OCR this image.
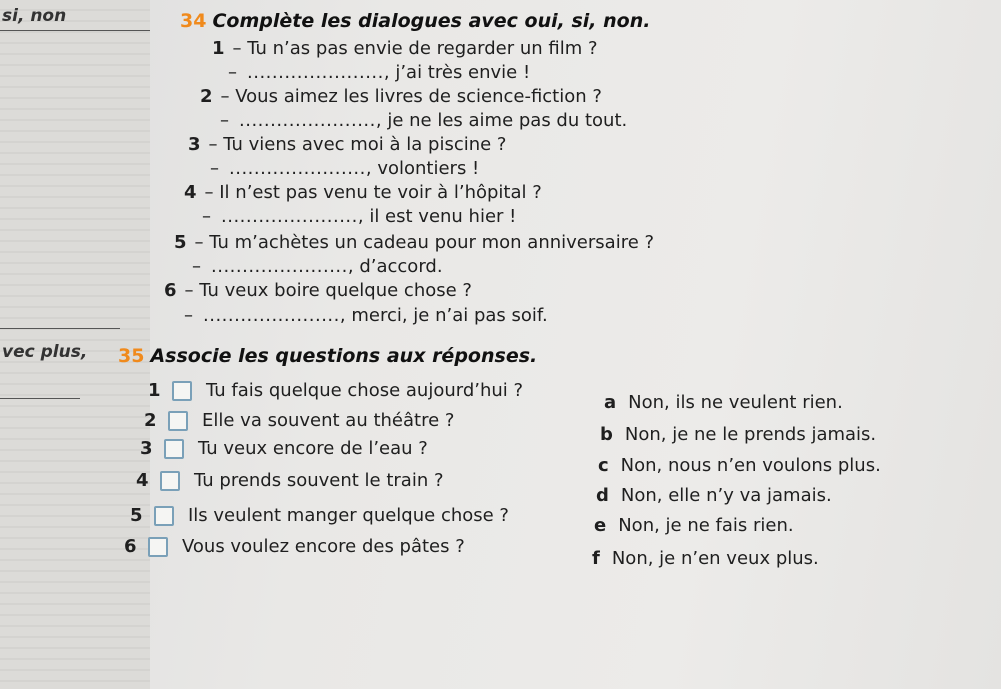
si, non
vec plus,
34 Complète les dialogues avec oui, si, non.
1 – Tu n’as pas envie de regarder un film ?
– ......................, j’ai très envie !
2 – Vous aimez les livres de science-fiction ?
– ......................, je ne les aime pas du tout.
3 – Tu viens avec moi à la piscine ?
– ......................, volontiers !
4 – Il n’est pas venu te voir à l’hôpital ?
– ......................, il est venu hier !
5 – Tu m’achètes un cadeau pour mon anniversaire ?
– ......................, d’accord.
6 – Tu veux boire quelque chose ?
– ......................, merci, je n’ai pas soif.
35 Associe les questions aux réponses.
1	Tu fais quelque chose aujourd’hui ?
2	Elle va souvent au théâtre ?
3	Tu veux encore de l’eau ?
4	Tu prends souvent le train ?
5	Ils veulent manger quelque chose ?
6	Vous voulez encore des pâtes ?
a Non, ils ne veulent rien.
b Non, je ne le prends jamais.
c Non, nous n’en voulons plus.
d Non, elle n’y va jamais.
e Non, je ne fais rien.
f Non, je n’en veux plus.
